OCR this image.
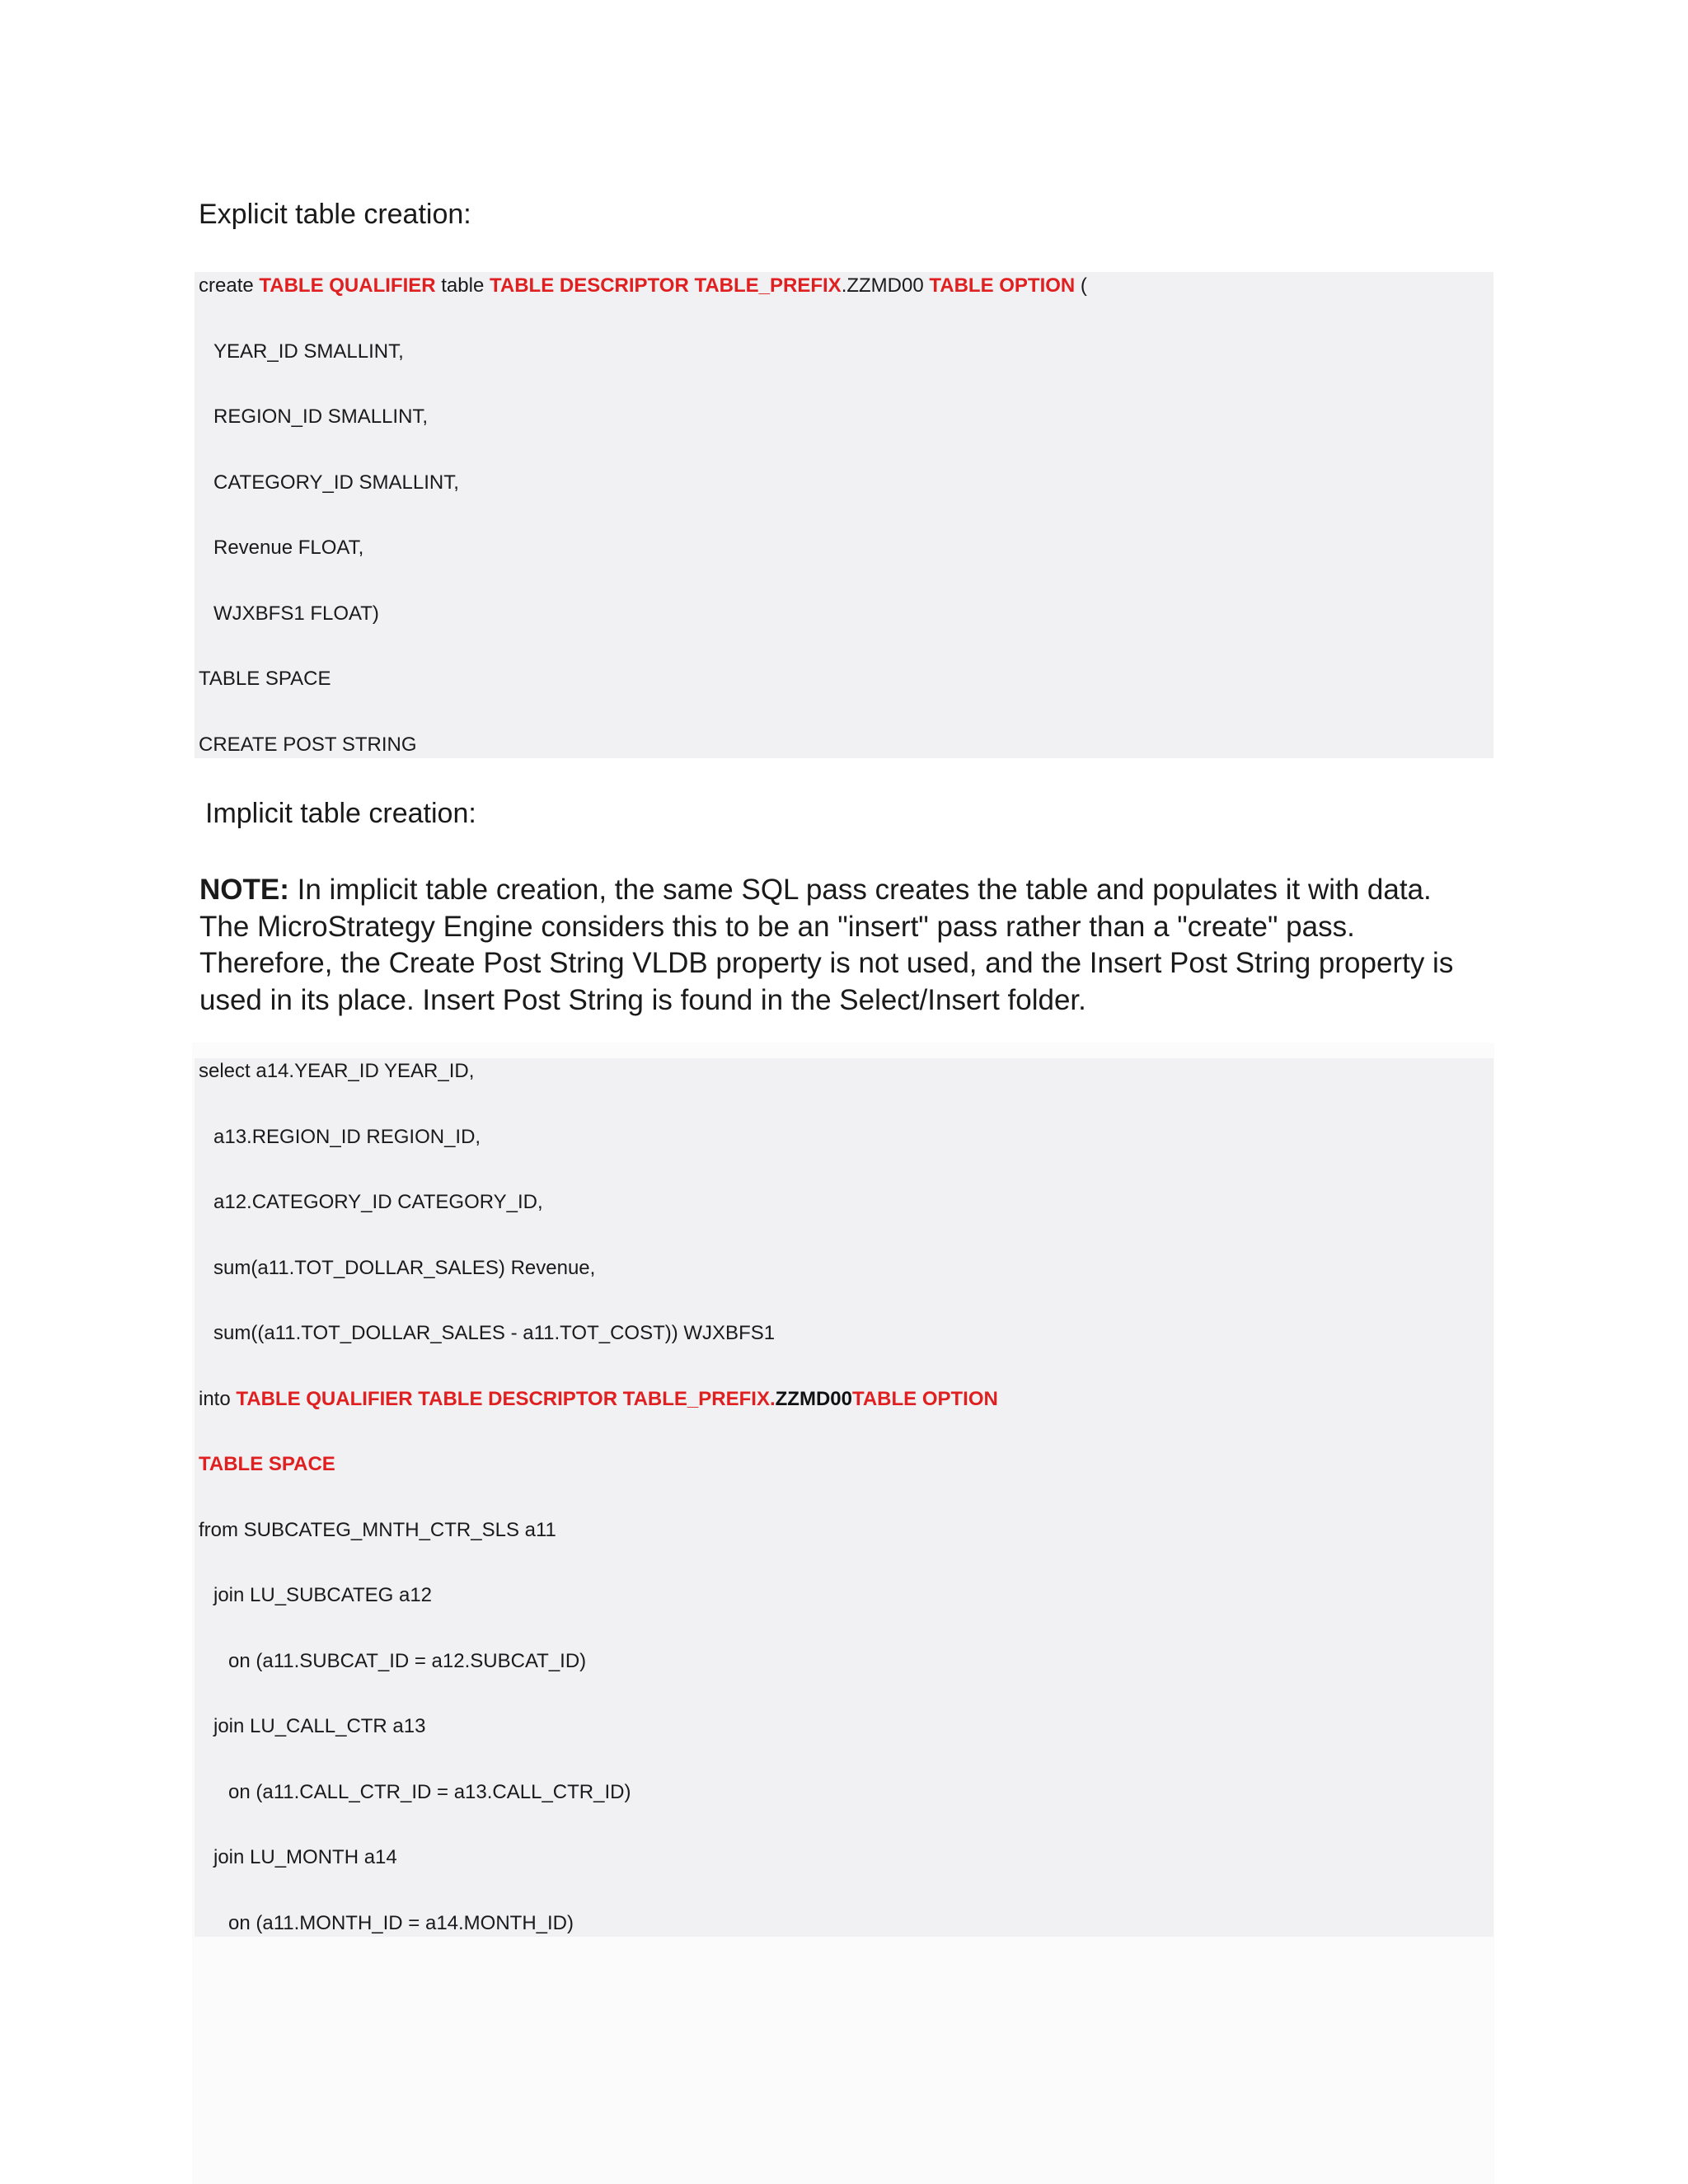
Explicit table creation:
create TABLE QUALIFIER table TABLE DESCRIPTOR TABLE_PREFIX.ZZMD00 TABLE OPTION (
YEAR_ID SMALLINT,
REGION_ID SMALLINT,
CATEGORY_ID SMALLINT,
Revenue FLOAT,
WJXBFS1 FLOAT)
TABLE SPACE
CREATE POST STRING
Implicit table creation:

NOTE: In implicit table creation, the same SQL pass creates the table and populates it with data. The MicroStrategy Engine considers this to be an "insert" pass rather than a "create" pass. Therefore, the Create Post String VLDB property is not used, and the Insert Post String property is used in its place. Insert Post String is found in the Select/Insert folder.

select a14.YEAR_ID YEAR_ID,
a13.REGION_ID REGION_ID,
a12.CATEGORY_ID CATEGORY_ID,
sum(a11.TOT_DOLLAR_SALES) Revenue,
sum((a11.TOT_DOLLAR_SALES - a11.TOT_COST)) WJXBFS1
into TABLE QUALIFIER TABLE DESCRIPTOR TABLE_PREFIX.ZZMD00TABLE OPTION
TABLE SPACE
from SUBCATEG_MNTH_CTR_SLS a11
join LU_SUBCATEG a12
on (a11.SUBCAT_ID = a12.SUBCAT_ID)
join LU_CALL_CTR a13
on (a11.CALL_CTR_ID = a13.CALL_CTR_ID)
join LU_MONTH a14
on (a11.MONTH_ID = a14.MONTH_ID)
